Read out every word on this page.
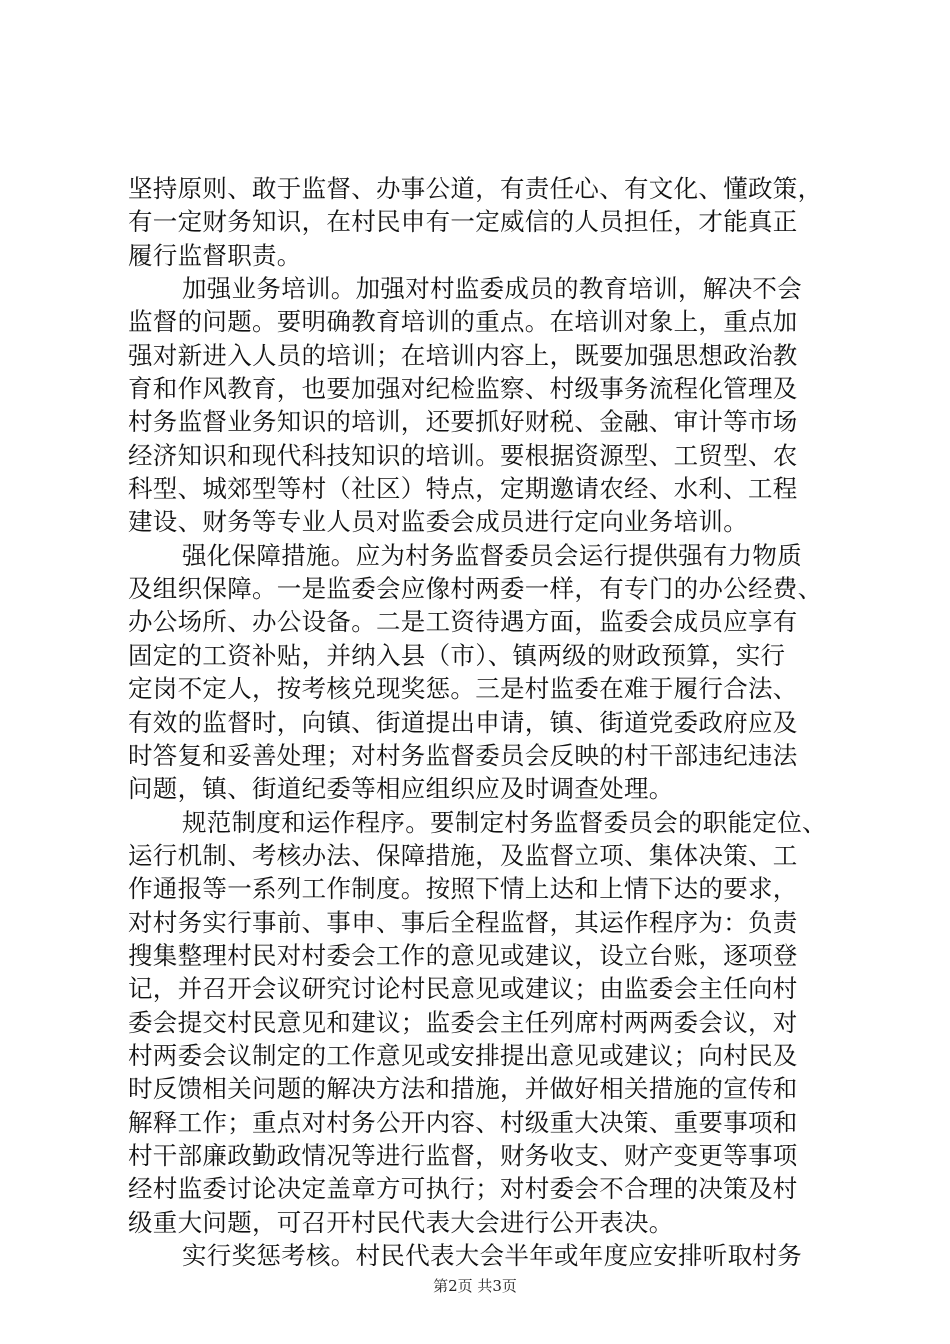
坚持原则、敢于监督、办事公道，有责任心、有文化、懂政策，
有一定财务知识，在村民申有一定威信的人员担任，才能真正
履行监督职责。
加强业务培训。加强对村监委成员的教育培训，解决不会
监督的问题。要明确教育培训的重点。在培训对象上，重点加
强对新进入人员的培训；在培训内容上，既要加强思想政治教
育和作风教育，也要加强对纪检监察、村级事务流程化管理及
村务监督业务知识的培训，还要抓好财税、金融、审计等市场
经济知识和现代科技知识的培训。要根据资源型、工贸型、农
科型、城郊型等村（社区）特点，定期邀请农经、水利、工程
建设、财务等专业人员对监委会成员进行定向业务培训。
强化保障措施。应为村务监督委员会运行提供强有力物质
及组织保障。一是监委会应像村两委一样，有专门的办公经费、
办公场所、办公设备。二是工资待遇方面，监委会成员应享有
固定的工资补贴，并纳入县（市）、镇两级的财政预算，实行
定岗不定人，按考核兑现奖惩。三是村监委在难于履行合法、
有效的监督时，向镇、街道提出申请，镇、街道党委政府应及
时答复和妥善处理；对村务监督委员会反映的村干部违纪违法
问题，镇、街道纪委等相应组织应及时调查处理。
规范制度和运作程序。要制定村务监督委员会的职能定位、
运行机制、考核办法、保障措施，及监督立项、集体决策、工
作通报等一系列工作制度。按照下情上达和上情下达的要求，
对村务实行事前、事申、事后全程监督，其运作程序为：负责
搜集整理村民对村委会工作的意见或建议，设立台账，逐项登
记，并召开会议研究讨论村民意见或建议；由监委会主任向村
委会提交村民意见和建议；监委会主任列席村两两委会议，对
村两委会议制定的工作意见或安排提出意见或建议；向村民及
时反馈相关问题的解决方法和措施，并做好相关措施的宣传和
解释工作；重点对村务公开内容、村级重大决策、重要事项和
村干部廉政勤政情况等进行监督，财务收支、财产变更等事项
经村监委讨论决定盖章方可执行；对村委会不合理的决策及村
级重大问题，可召开村民代表大会进行公开表决。
实行奖惩考核。村民代表大会半年或年度应安排听取村务
第2页 共3页
